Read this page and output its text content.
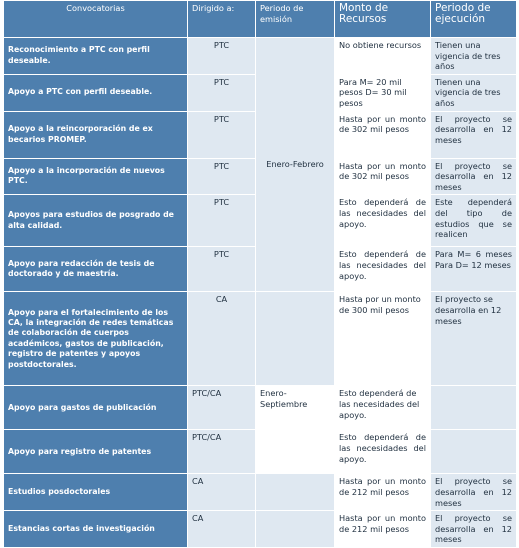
Convocatorias	Dirigido a:	Periodo de emisión	Monto de Recursos	Periodo de ejecución
Reconocimiento a PTC con perfil deseable.	PTC	Enero-Febrero	No obtiene recursos	Tienen una vigencia de tres años
Apoyo a PTC con perfil deseable.	PTC		Para M= 20 mil pesos D= 30 mil pesos	Tienen una vigencia de tres años
Apoyo a la reincorporación de ex becarios PROMEP.	PTC		Hasta por un monto de 302 mil pesos	El proyecto se desarrolla en 12 meses
Apoyo a la incorporación de nuevos PTC.	PTC		Hasta por un monto de 302 mil pesos	El proyecto se desarrolla en 12 meses
Apoyos para estudios de posgrado de alta calidad.	PTC		Esto dependerá de las necesidades del apoyo.	Este dependerá del tipo de estudios que se realicen
Apoyo para redacción de tesis de doctorado y de maestría.	PTC		Esto dependerá de las necesidades del apoyo.	Para M= 6 meses Para D= 12 meses
Apoyo para el fortalecimiento de los CA, la integración de redes temáticas de colaboración de cuerpos académicos, gastos de publicación, registro de patentes y apoyos postdoctorales.	CA		Hasta por un monto de 300 mil pesos	El proyecto se desarrolla en 12 meses
Apoyo para gastos de publicación	PTC/CA	Enero-Septiembre	Esto dependerá de las necesidades del apoyo.	
Apoyo para registro de patentes	PTC/CA		Esto dependerá de las necesidades del apoyo.	
Estudios posdoctorales	CA		Hasta por un monto de 212 mil pesos	El proyecto se desarrolla en 12 meses
Estancias cortas de investigación	CA		Hasta por un monto de 212 mil pesos	El proyecto se desarrolla en 12 meses
